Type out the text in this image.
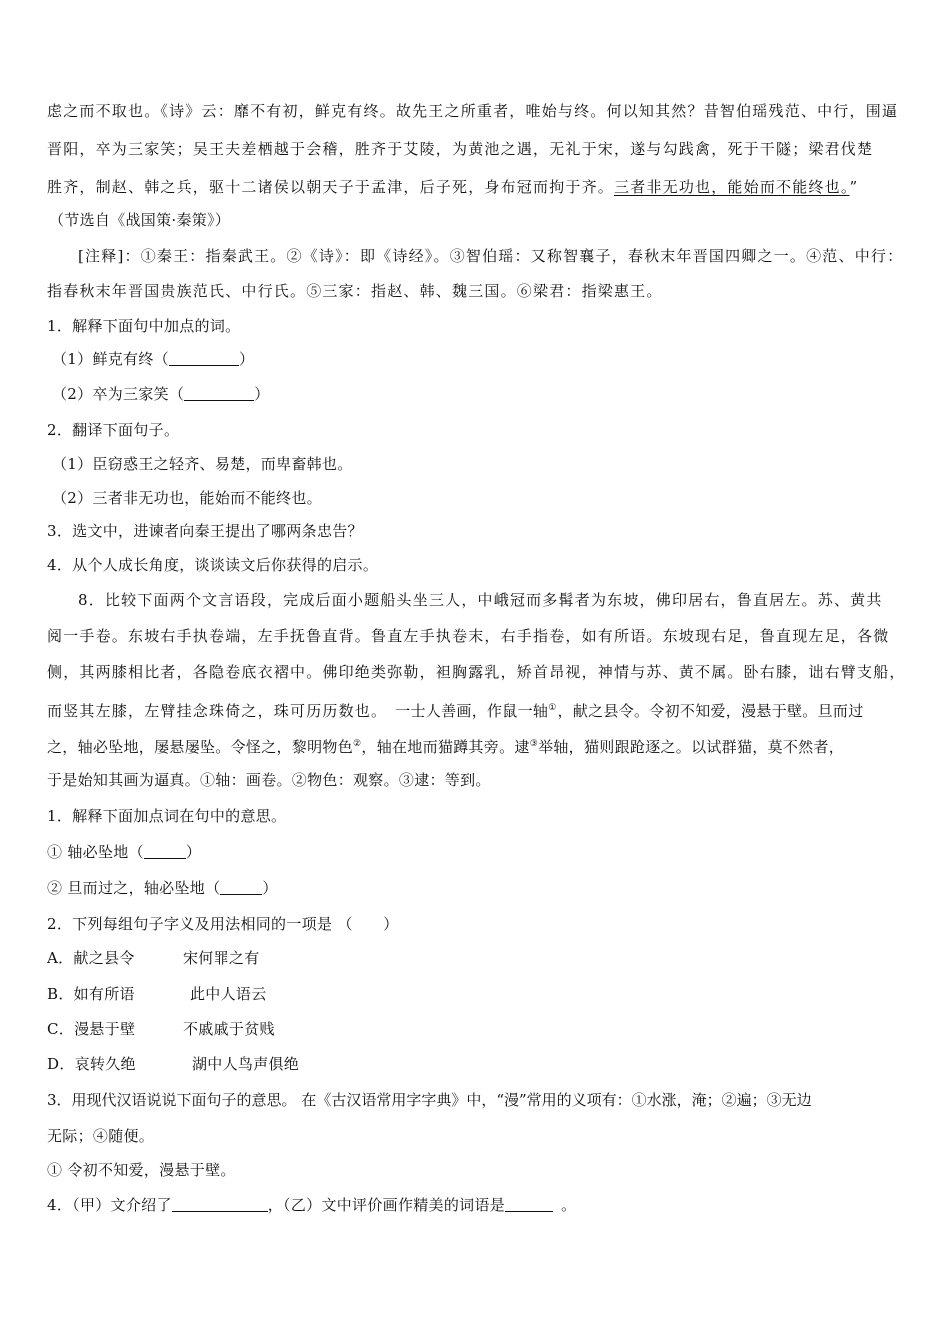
虑之而不取也。《诗》云：靡不有初，鲜克有终。故先王之所重者，唯始与终。何以知其然？昔智伯瑶残范、中行，围逼
晋阳，卒为三家笑；吴王夫差栖越于会稽，胜齐于艾陵，为黄池之遇，无礼于宋，遂与勾践禽，死于干隧；梁君伐楚
胜齐，制赵、韩之兵，驱十二诸侯以朝天子于孟津，后子死，身布冠而拘于齐。三者非无功也，能始而不能终也。”
（节选自《战国策·秦策》）
[注释]：①秦王：指秦武王。②《诗》：即《诗经》。③智伯瑶：又称智襄子，春秋末年晋国四卿之一。④范、中行：
指春秋末年晋国贵族范氏、中行氏。⑤三家：指赵、韩、魏三国。⑥梁君：指梁惠王。
1．解释下面句中加点的词。
（1）鲜克有终（	）
（2）卒为三家笑（	）
2．翻译下面句子。
（1）臣窃惑王之轻齐、易楚，而卑畜韩也。
（2）三者非无功也，能始而不能终也。
3．选文中，进谏者向秦王提出了哪两条忠告？
4．从个人成长角度，谈谈读文后你获得的启示。
8．比较下面两个文言语段，完成后面小题船头坐三人，中峨冠而多髯者为东坡，佛印居右，鲁直居左。苏、黄共
阅一手卷。东坡右手执卷端，左手抚鲁直背。鲁直左手执卷末，右手指卷，如有所语。东坡现右足，鲁直现左足，各微
侧，其两膝相比者，各隐卷底衣褶中。佛印绝类弥勒，袒胸露乳，矫首昂视，神情与苏、黄不属。卧右膝，诎右臂支船，
而竖其左膝，左臂挂念珠倚之，珠可历历数也。 一士人善画，作鼠一轴①，献之县令。令初不知爱，漫悬于壁。旦而过
之，轴必坠地，屡悬屡坠。令怪之，黎明物色②，轴在地而猫蹲其旁。逮③举轴，猫则跟跄逐之。以试群猫，莫不然者，
于是始知其画为逼真。①轴：画卷。②物色：观察。③逮：等到。
1．解释下面加点词在句中的意思。
① 轴必坠地（	）
② 旦而过之，轴必坠地（	）
2．下列每组句子字义及用法相同的一项是 （　　）
A．献之县令	宋何罪之有
B．如有所语	此中人语云
C．漫悬于壁	不戚戚于贫贱
D．哀转久绝	湖中人鸟声俱绝
3．用现代汉语说说下面句子的意思。 在《古汉语常用字字典》中，“漫”常用的义项有：①水涨，淹；②遍；③无边
无际；④随便。
① 令初不知爱，漫悬于壁。
4．（甲）文介绍了	，（乙）文中评价画作精美的词语是	。
